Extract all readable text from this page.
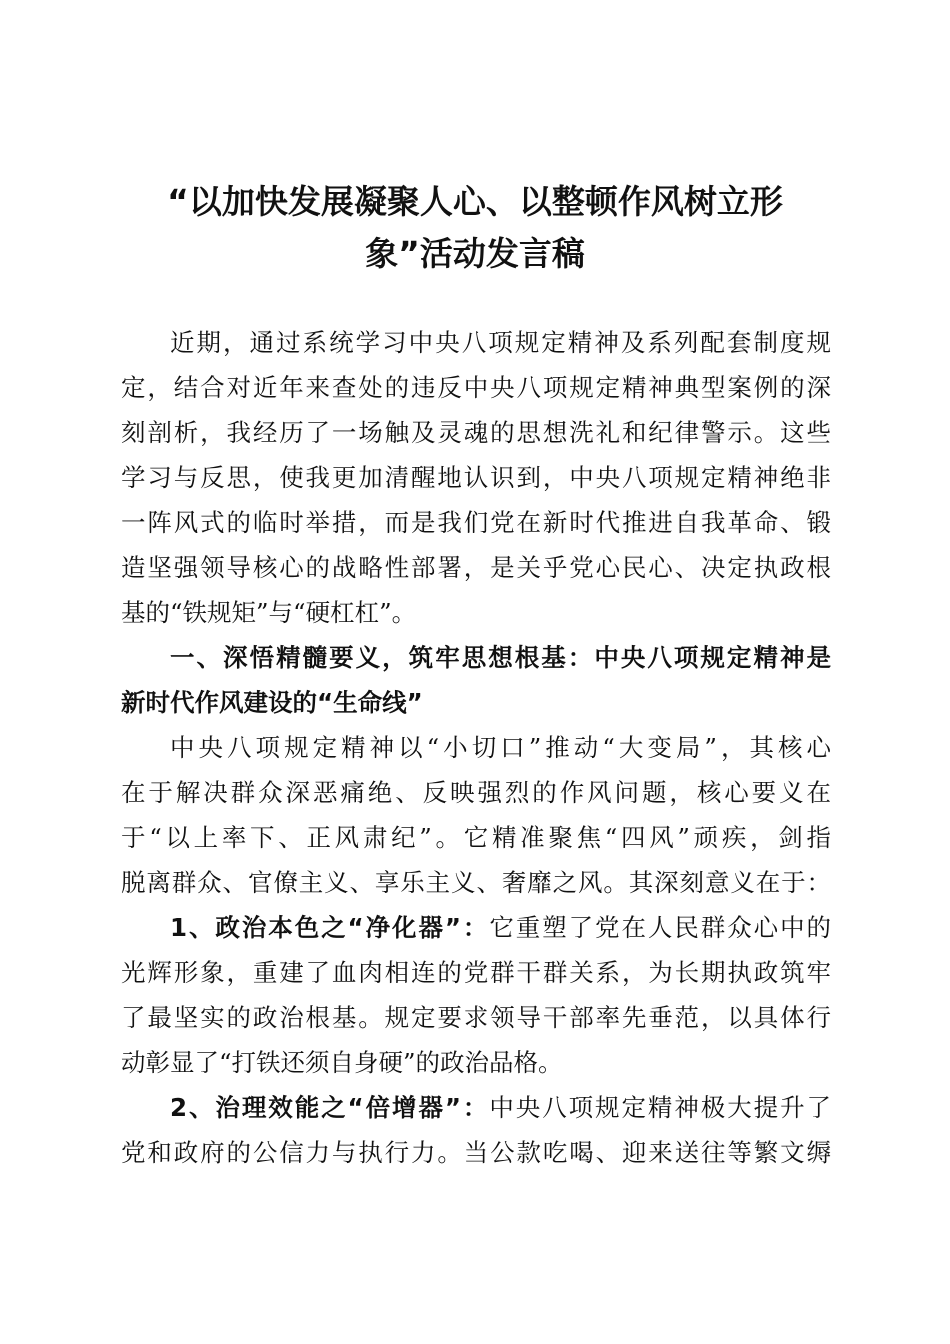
“以加快发展凝聚人心、以整顿作风树立形
象”活动发言稿
近期，通过系统学习中央八项规定精神及系列配套制度规
定，结合对近年来查处的违反中央八项规定精神典型案例的深
刻剖析，我经历了一场触及灵魂的思想洗礼和纪律警示。这些
学习与反思，使我更加清醒地认识到，中央八项规定精神绝非
一阵风式的临时举措，而是我们党在新时代推进自我革命、锻
造坚强领导核心的战略性部署，是关乎党心民心、决定执政根
基的“铁规矩”与“硬杠杠”。
一、深悟精髓要义，筑牢思想根基：中央八项规定精神是
新时代作风建设的“生命线”
中央八项规定精神以“小切口”推动“大变局”，其核心
在于解决群众深恶痛绝、反映强烈的作风问题，核心要义在
于“以上率下、正风肃纪”。它精准聚焦“四风”顽疾，剑指
脱离群众、官僚主义、享乐主义、奢靡之风。其深刻意义在于：
1、政治本色之“净化器”：它重塑了党在人民群众心中的
光辉形象，重建了血肉相连的党群干群关系，为长期执政筑牢
了最坚实的政治根基。规定要求领导干部率先垂范，以具体行
动彰显了“打铁还须自身硬”的政治品格。
2、治理效能之“倍增器”：中央八项规定精神极大提升了
党和政府的公信力与执行力。当公款吃喝、迎来送往等繁文缛
